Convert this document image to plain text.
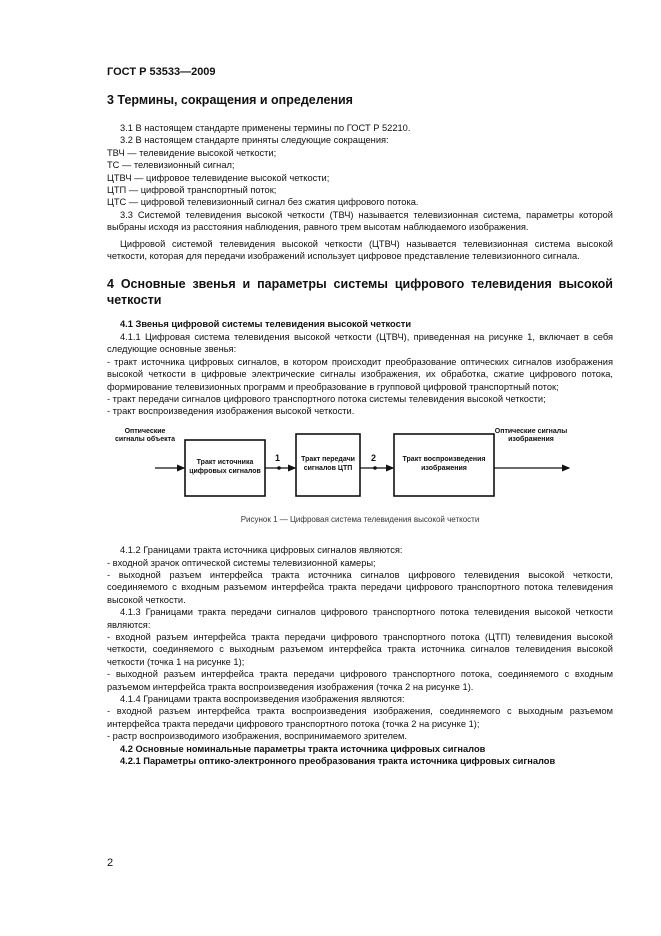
ГОСТ Р 53533—2009

3 Термины, сокращения и определения

3.1 В настоящем стандарте применены термины по ГОСТ Р 52210.

3.2 В настоящем стандарте приняты следующие сокращения:

ТВЧ — телевидение высокой четкости;

ТС — телевизионный сигнал;

ЦТВЧ — цифровое телевидение высокой четкости;

ЦТП — цифровой транспортный поток;

ЦТС — цифровой телевизионный сигнал без сжатия цифрового потока.

3.3 Системой телевидения высокой четкости (ТВЧ) называется телевизионная система, параметры которой выбраны исходя из расстояния наблюдения, равного трем высотам наблюдаемого изображения.

Цифровой системой телевидения высокой четкости (ЦТВЧ) называется телевизионная система высокой четкости, которая для передачи изображений использует цифровое представление телевизионного сигнала.

4 Основные звенья и параметры системы цифрового телевидения высокой четкости

4.1 Звенья цифровой системы телевидения высокой четкости

4.1.1 Цифровая система телевидения высокой четкости (ЦТВЧ), приведенная на рисунке 1, включает в себя следующие основные звенья:

- тракт источника цифровых сигналов, в котором происходит преобразование оптических сигналов изображения высокой четкости в цифровые электрические сигналы изображения, их обработка, сжатие цифрового потока, формирование телевизионных программ и преобразование в групповой цифровой транспортный поток;

- тракт передачи сигналов цифрового транспортного потока системы телевидения высокой четкости;

- тракт воспроизведения изображения высокой четкости.

Оптические сигналы объекта
Тракт источника цифровых сигналов
Тракт передачи сигналов ЦТП
Тракт воспроизведения изображения
Оптические сигналы изображения
1	2

Рисунок 1 — Цифровая система телевидения высокой четкости

4.1.2 Границами тракта источника цифровых сигналов являются:

- входной зрачок оптической системы телевизионной камеры;

- выходной разъем интерфейса тракта источника сигналов цифрового телевидения высокой четкости, соединяемого с входным разъемом интерфейса тракта передачи цифрового транспортного потока телевидения высокой четкости.

4.1.3 Границами тракта передачи сигналов цифрового транспортного потока телевидения высокой четкости являются:

- входной разъем интерфейса тракта передачи цифрового транспортного потока (ЦТП) телевидения высокой четкости, соединяемого с выходным разъемом интерфейса тракта источника сигналов телевидения высокой четкости (точка 1 на рисунке 1);

- выходной разъем интерфейса тракта передачи цифрового транспортного потока, соединяемого с входным разъемом интерфейса тракта воспроизведения изображения (точка 2 на рисунке 1).

4.1.4 Границами тракта воспроизведения изображения являются:

- входной разъем интерфейса тракта воспроизведения изображения, соединяемого с выходным разъемом интерфейса тракта передачи цифрового транспортного потока (точка 2 на рисунке 1);

- растр воспроизводимого изображения, воспринимаемого зрителем.

4.2 Основные номинальные параметры тракта источника цифровых сигналов

4.2.1 Параметры оптико-электронного преобразования тракта источника цифровых сигналов

2
